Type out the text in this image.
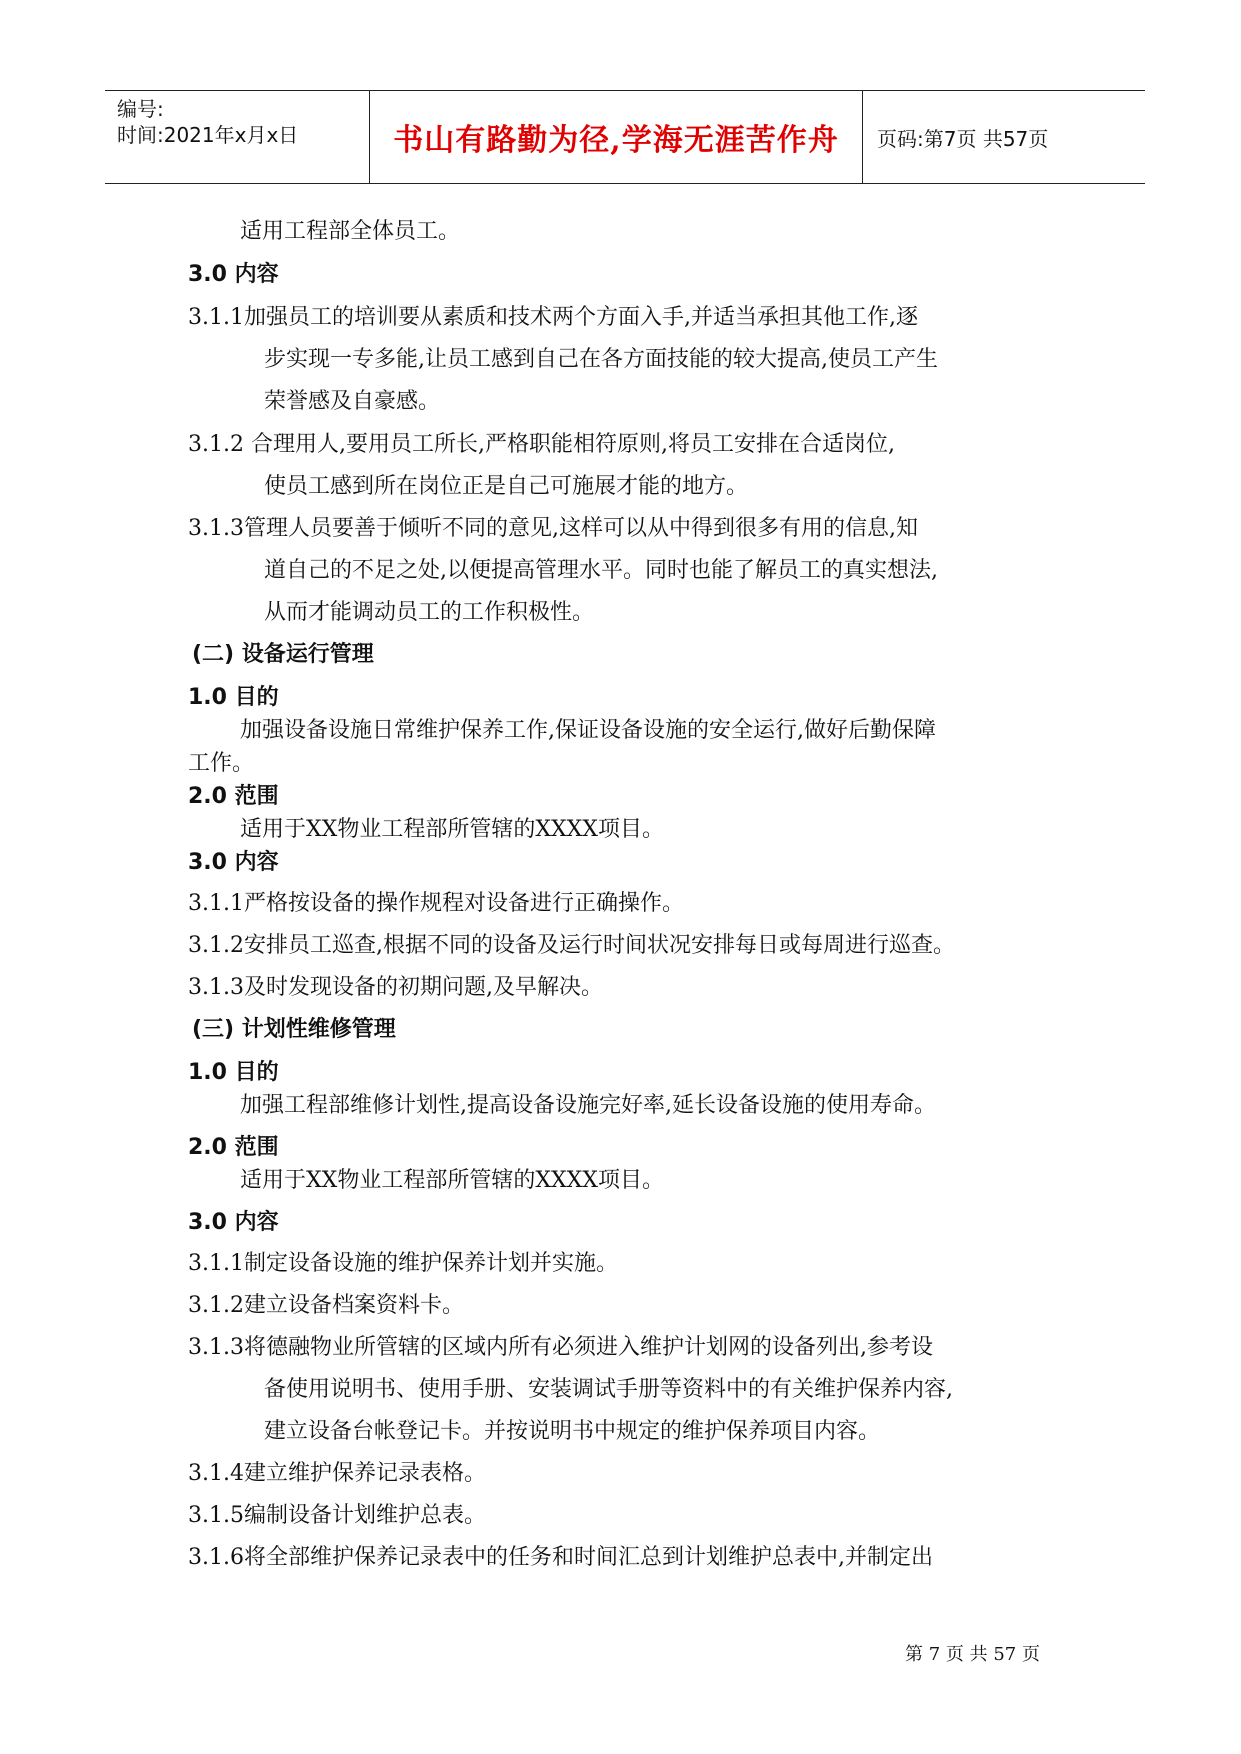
编号:
时间:2021年x月x日	书山有路勤为径,学海无涯苦作舟	页码:第7页 共57页
适用工程部全体员工。
3.0 内容
3.1.1加强员工的培训要从素质和技术两个方面入手,并适当承担其他工作,逐
步实现一专多能,让员工感到自己在各方面技能的较大提高,使员工产生
荣誉感及自豪感。
3.1.2 合理用人,要用员工所长,严格职能相符原则,将员工安排在合适岗位,
使员工感到所在岗位正是自己可施展才能的地方。
3.1.3管理人员要善于倾听不同的意见,这样可以从中得到很多有用的信息,知
道自己的不足之处,以便提高管理水平。同时也能了解员工的真实想法,
从而才能调动员工的工作积极性。
(二) 设备运行管理
1.0 目的
加强设备设施日常维护保养工作,保证设备设施的安全运行,做好后勤保障
工作。
2.0 范围
适用于XX物业工程部所管辖的XXXX项目。
3.0 内容
3.1.1严格按设备的操作规程对设备进行正确操作。
3.1.2安排员工巡查,根据不同的设备及运行时间状况安排每日或每周进行巡查。
3.1.3及时发现设备的初期问题,及早解决。
(三) 计划性维修管理
1.0 目的
加强工程部维修计划性,提高设备设施完好率,延长设备设施的使用寿命。
2.0 范围
适用于XX物业工程部所管辖的XXXX项目。
3.0 内容
3.1.1制定设备设施的维护保养计划并实施。
3.1.2建立设备档案资料卡。
3.1.3将德融物业所管辖的区域内所有必须进入维护计划网的设备列出,参考设
备使用说明书、使用手册、安装调试手册等资料中的有关维护保养内容,
建立设备台帐登记卡。并按说明书中规定的维护保养项目内容。
3.1.4建立维护保养记录表格。
3.1.5编制设备计划维护总表。
3.1.6将全部维护保养记录表中的任务和时间汇总到计划维护总表中,并制定出
第 7 页 共 57 页
